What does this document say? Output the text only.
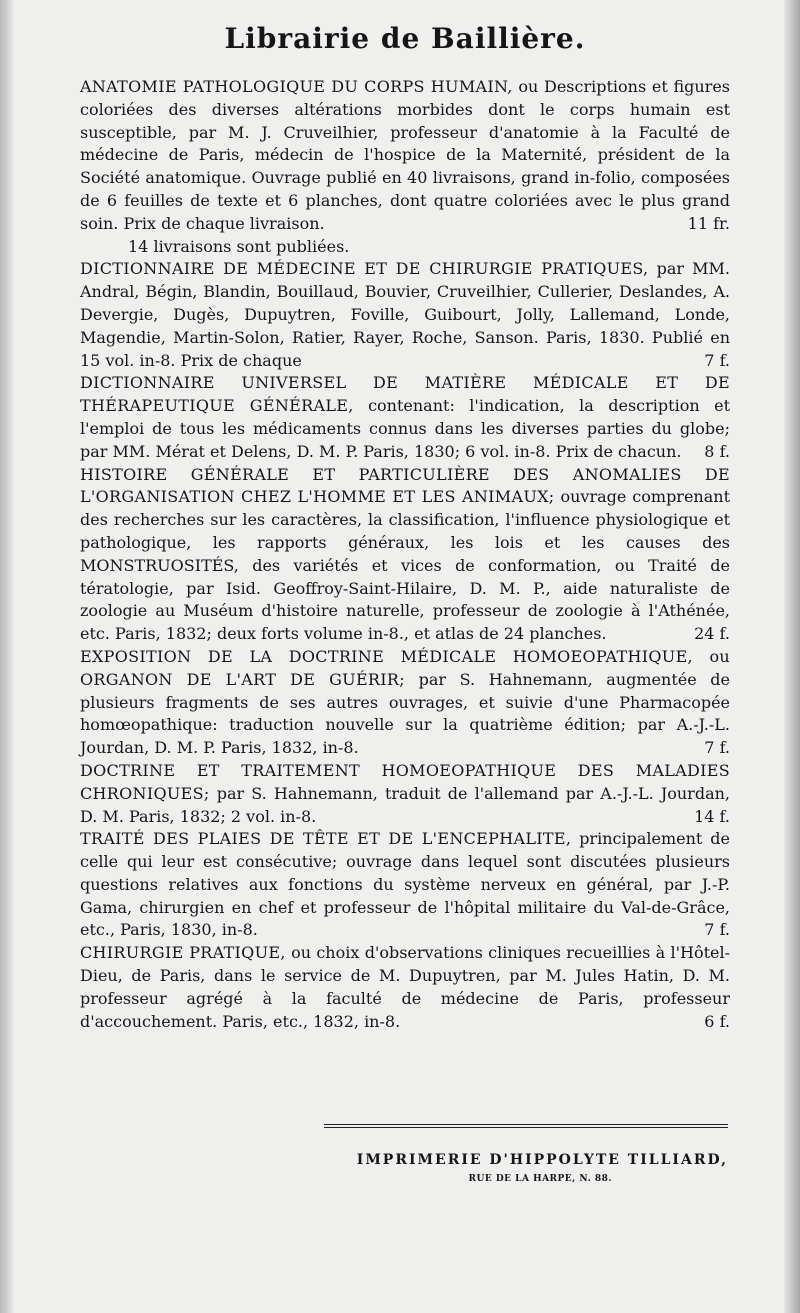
Librairie de Baillière.

ANATOMIE PATHOLOGIQUE DU CORPS HUMAIN, ou Descriptions et figures coloriées des diverses altérations morbides dont le corps humain est susceptible, par M. J. Cruveilhier, professeur d'anatomie à la Faculté de médecine de Paris, médecin de l'hospice de la Maternité, président de la Société anatomique. Ouvrage publié en 40 livraisons, grand in-folio, composées de 6 feuilles de texte et 6 planches, dont quatre coloriées avec le plus grand soin. Prix de chaque livraison.	11 fr.

14 livraisons sont publiées.

DICTIONNAIRE DE MÉDECINE ET DE CHIRURGIE PRATIQUES, par MM. Andral, Bégin, Blandin, Bouillaud, Bouvier, Cruveilhier, Cullerier, Deslandes, A. Devergie, Dugès, Dupuytren, Foville, Guibourt, Jolly, Lallemand, Londe, Magendie, Martin-Solon, Ratier, Rayer, Roche, Sanson. Paris, 1830. Publié en 15 vol. in-8. Prix de chaque	7 f.

DICTIONNAIRE UNIVERSEL DE MATIÈRE MÉDICALE ET DE THÉRAPEUTIQUE GÉNÉRALE, contenant: l'indication, la description et l'emploi de tous les médicaments connus dans les diverses parties du globe; par MM. Mérat et Delens, D. M. P. Paris, 1830; 6 vol. in-8. Prix de chacun. 8 f.

HISTOIRE GÉNÉRALE ET PARTICULIÈRE DES ANOMALIES DE L'ORGANISATION CHEZ L'HOMME ET LES ANIMAUX; ouvrage comprenant des recherches sur les caractères, la classification, l'influence physiologique et pathologique, les rapports généraux, les lois et les causes des MONSTRUOSITÉS, des variétés et vices de conformation, ou Traité de tératologie, par Isid. Geoffroy-Saint-Hilaire, D. M. P., aide naturaliste de zoologie au Muséum d'histoire naturelle, professeur de zoologie à l'Athénée, etc. Paris, 1832; deux forts volume in-8., et atlas de 24 planches.	24 f.

EXPOSITION DE LA DOCTRINE MÉDICALE HOMOEOPATHIQUE, ou ORGANON DE L'ART DE GUÉRIR; par S. Hahnemann, augmentée de plusieurs fragments de ses autres ouvrages, et suivie d'une Pharmacopée homœopathique: traduction nouvelle sur la quatrième édition; par A.-J.-L. Jourdan, D. M. P. Paris, 1832, in-8.	7 f.

DOCTRINE ET TRAITEMENT HOMOEOPATHIQUE DES MALADIES CHRONIQUES; par S. Hahnemann, traduit de l'allemand par A.-J.-L. Jourdan, D. M. Paris, 1832; 2 vol. in-8.	14 f.

TRAITÉ DES PLAIES DE TÊTE ET DE L'ENCEPHALITE, principalement de celle qui leur est consécutive; ouvrage dans lequel sont discutées plusieurs questions relatives aux fonctions du système nerveux en général, par J.-P. Gama, chirurgien en chef et professeur de l'hôpital militaire du Val-de-Grâce, etc., Paris, 1830, in-8.	7 f.

CHIRURGIE PRATIQUE, ou choix d'observations cliniques recueillies à l'Hôtel-Dieu, de Paris, dans le service de M. Dupuytren, par M. Jules Hatin, D. M. professeur agrégé à la faculté de médecine de Paris, professeur d'accouchement. Paris, etc., 1832, in-8.	6 f.

IMPRIMERIE D'HIPPOLYTE TILLIARD,
RUE DE LA HARPE, N. 88.
